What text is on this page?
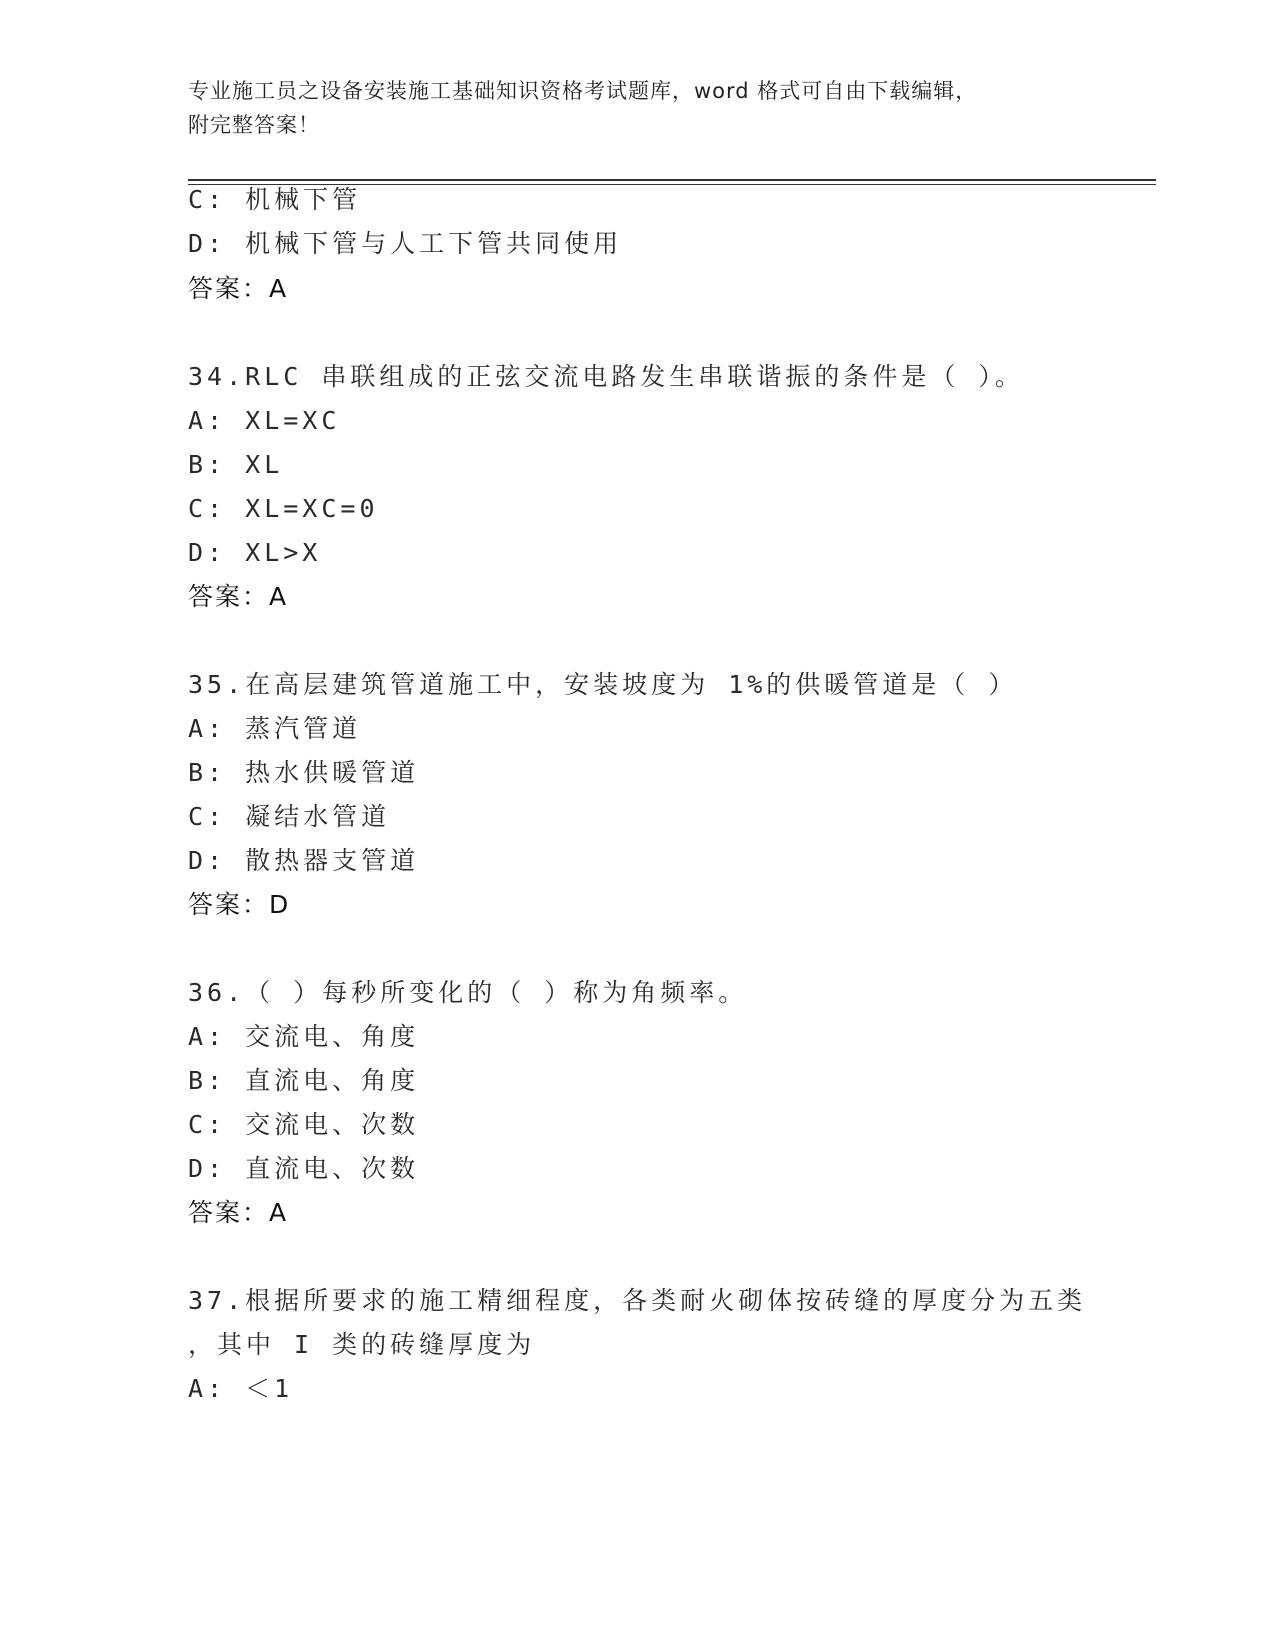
专业施工员之设备安装施工基础知识资格考试题库，word 格式可自由下载编辑，
附完整答案！
C: 机械下管
D: 机械下管与人工下管共同使用
答案：A
34.RLC 串联组成的正弦交流电路发生串联谐振的条件是（ ）。
A: XL=XC
B: XL
C: XL=XC=0
D: XL>X
答案：A
35.在高层建筑管道施工中，安装坡度为 1%的供暖管道是（ ）
A: 蒸汽管道
B: 热水供暖管道
C: 凝结水管道
D: 散热器支管道
答案：D
36.（ ）每秒所变化的（ ）称为角频率。
A: 交流电、角度
B: 直流电、角度
C: 交流电、次数
D: 直流电、次数
答案：A
37.根据所要求的施工精细程度，各类耐火砌体按砖缝的厚度分为五类
，其中 I 类的砖缝厚度为
A: ＜1
